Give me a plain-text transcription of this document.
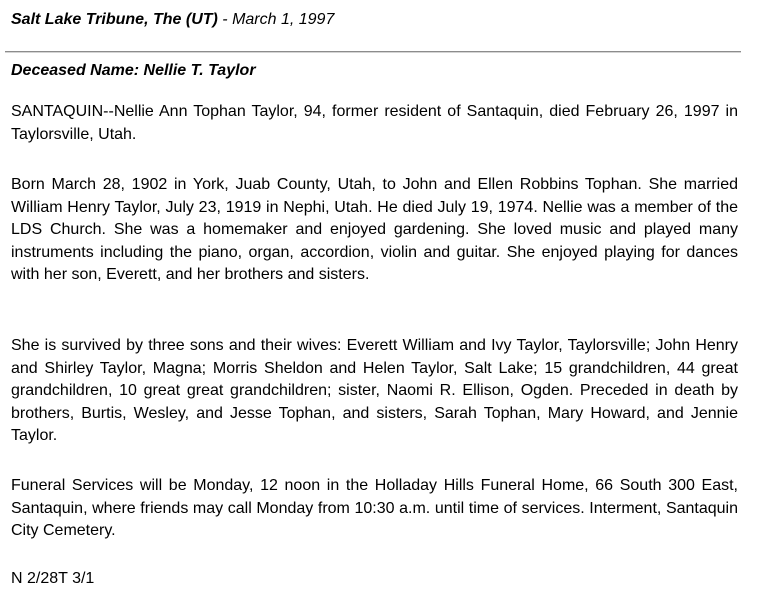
Salt Lake Tribune, The (UT) - March 1, 1997
Deceased Name: Nellie T. Taylor

SANTAQUIN--Nellie Ann Tophan Taylor, 94, former resident of Santaquin, died February 26, 1997 in Taylorsville, Utah.

Born March 28, 1902 in York, Juab County, Utah, to John and Ellen Robbins Tophan. She married William Henry Taylor, July 23, 1919 in Nephi, Utah. He died July 19, 1974. Nellie was a member of the LDS Church. She was a homemaker and enjoyed gardening. She loved music and played many instruments including the piano, organ, accordion, violin and guitar. She enjoyed playing for dances with her son, Everett, and her brothers and sisters.

She is survived by three sons and their wives: Everett William and Ivy Taylor, Taylorsville; John Henry and Shirley Taylor, Magna; Morris Sheldon and Helen Taylor, Salt Lake; 15 grandchildren, 44 great grandchildren, 10 great great grandchildren; sister, Naomi R. Ellison, Ogden. Preceded in death by brothers, Burtis, Wesley, and Jesse Tophan, and sisters, Sarah Tophan, Mary Howard, and Jennie Taylor.

Funeral Services will be Monday, 12 noon in the Holladay Hills Funeral Home, 66 South 300 East, Santaquin, where friends may call Monday from 10:30 a.m. until time of services. Interment, Santaquin City Cemetery.

N 2/28T 3/1
